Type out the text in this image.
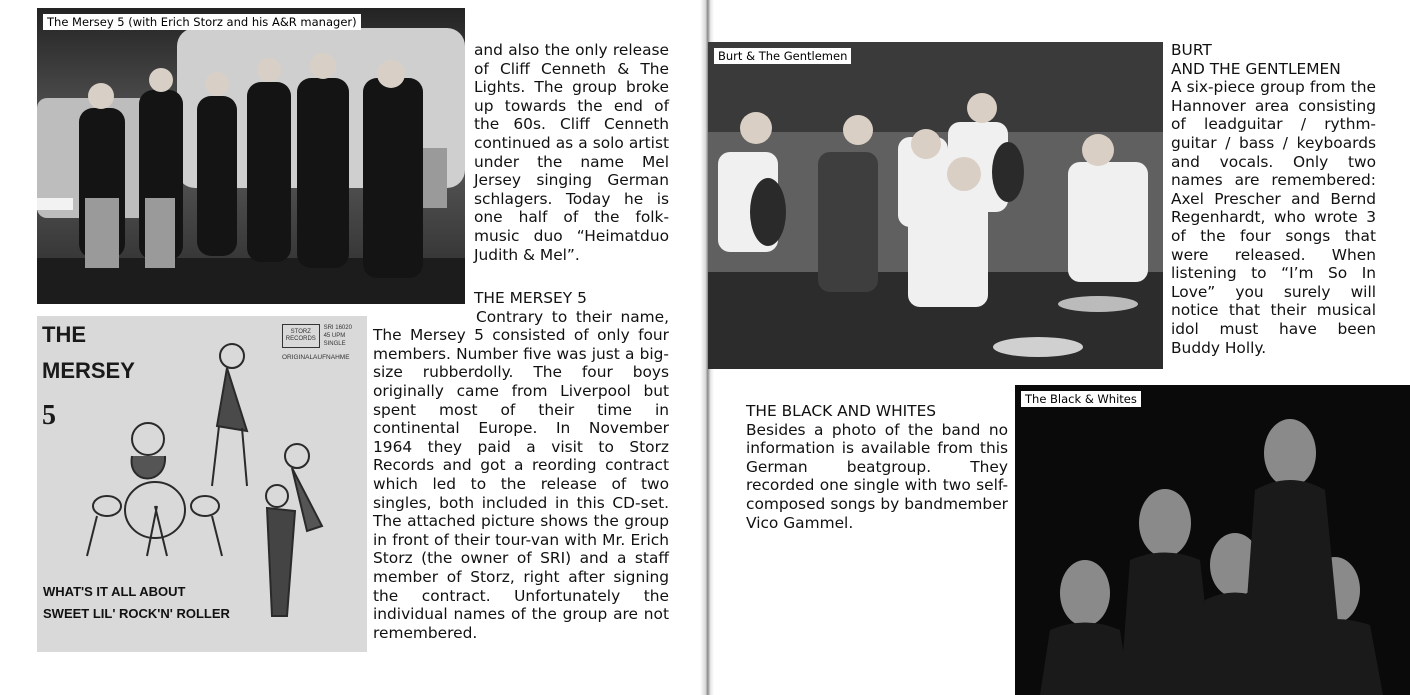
The Mersey 5 (with Erich Storz and his A&R manager)

and also the only release of Cliff Cenneth & The Lights. The group broke up towards the end of the 60s. Cliff Cenneth continued as a solo artist under the name Mel Jersey singing German schlagers. Today he is one half of the folk-music duo “Heimatduo Judith & Mel”.

THE MERSEY 5

Contrary to their name, The Mersey 5 consisted of only four members. Number five was just a big-size rubberdolly. The four boys originally came from Liverpool but spent most of their time in continental Europe. In November 1964 they paid a visit to Storz Records and got a reording contract which led to the release of two singles, both included in this CD-set. The attached picture shows the group in front of their tour-van with Mr. Erich Storz (the owner of SRI) and a staff member of Storz, right after signing the contract. Unfortunately the individual names of the group are not remembered.

THE
MERSEY
5
STORZ
RECORDS
SRI 16020
45 UPM SINGLE
ORIGINALAUFNAHME
WHAT'S IT ALL ABOUT
SWEET LIL' ROCK'N' ROLLER
Burt & The Gentlemen	BURT

AND THE GENTLEMEN

A six-piece group from the Hannover area consisting of leadguitar / rythm-guitar / bass / keyboards and vocals. Only two names are remembered: Axel Prescher and Bernd Regenhardt, who wrote 3 of the four songs that were released. When listening to “I’m So In Love” you surely will notice that their musical idol must have been Buddy Holly.

THE BLACK AND WHITES

Besides a photo of the band no information is available from this German beatgroup. They recorded one single with two self-composed songs by bandmember Vico Gammel.

The Black & Whites
